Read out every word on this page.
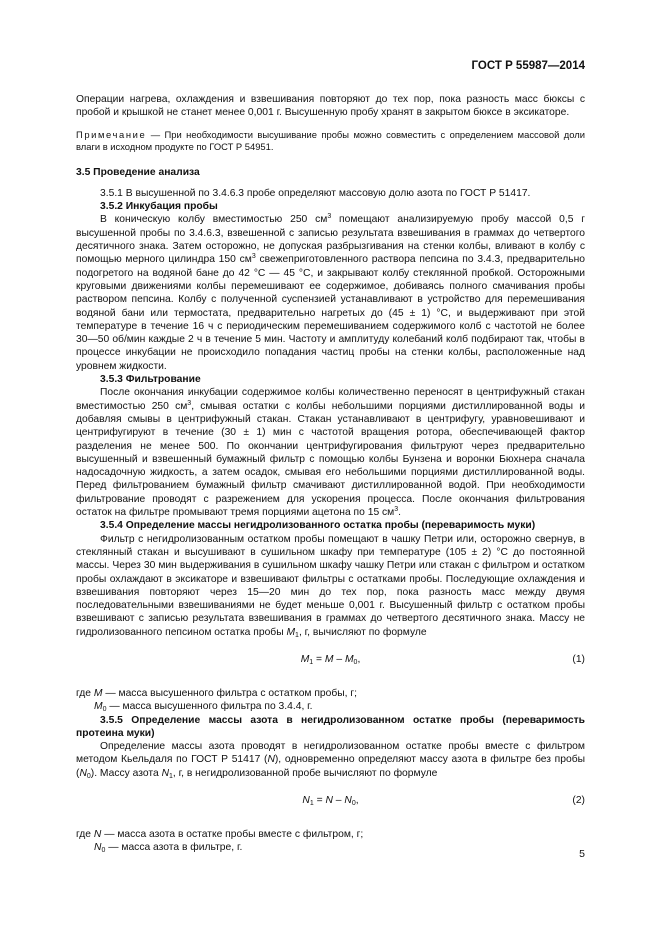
ГОСТ Р 55987—2014

Операции нагрева, охлаждения и взвешивания повторяют до тех пор, пока разность масс бюксы с пробой и крышкой не станет менее 0,001 г. Высушенную пробу хранят в закрытом бюксе в эксикаторе.

Примечание — При необходимости высушивание пробы можно совместить с определением массовой доли влаги в исходном продукте по ГОСТ Р 54951.

3.5 Проведение анализа

3.5.1 В высушенной по 3.4.6.3 пробе определяют массовую долю азота по ГОСТ Р 51417.

3.5.2 Инкубация пробы

В коническую колбу вместимостью 250 $см^3$ помещают анализируемую пробу массой 0,5 г высушенной пробы по 3.4.6.3, взвешенной с записью результата взвешивания в граммах до четвертого десятичного знака. Затем осторожно, не допуская разбрызгивания на стенки колбы, вливают в колбу с помощью мерного цилиндра 150 $см^3$ свежеприготовленного раствора пепсина по 3.4.3, предварительно подогретого на водяной бане до 42 °С — 45 °С, и закрывают колбу стеклянной пробкой. Осторожными круговыми движениями колбы перемешивают ее содержимое, добиваясь полного смачивания пробы раствором пепсина. Колбу с полученной суспензией устанавливают в устройство для перемешивания водяной бани или термостата, предварительно нагретых до (45 ± 1) °С, и выдерживают при этой температуре в течение 16 ч с периодическим перемешиванием содержимого колб с частотой не более 30—50 об/мин каждые 2 ч в течение 5 мин. Частоту и амплитуду колебаний колб подбирают так, чтобы в процессе инкубации не происходило попадания частиц пробы на стенки колбы, расположенные над уровнем жидкости.

3.5.3 Фильтрование

После окончания инкубации содержимое колбы количественно переносят в центрифужный стакан вместимостью 250 $см^3$, смывая остатки с колбы небольшими порциями дистиллированной воды и добавляя смывы в центрифужный стакан. Стакан устанавливают в центрифугу, уравновешивают и центрифугируют в течение (30 ± 1) мин с частотой вращения ротора, обеспечивающей фактор разделения не менее 500. По окончании центрифугирования фильтруют через предварительно высушенный и взвешенный бумажный фильтр с помощью колбы Бунзена и воронки Бюхнера сначала надосадочную жидкость, а затем осадок, смывая его небольшими порциями дистиллированной воды. Перед фильтрованием бумажный фильтр смачивают дистиллированной водой. При необходимости фильтрование проводят с разрежением для ускорения процесса. После окончания фильтрования остаток на фильтре промывают тремя порциями ацетона по 15 $см^3$.

3.5.4 Определение массы негидролизованного остатка пробы (переваримость муки)

Фильтр с негидролизованным остатком пробы помещают в чашку Петри или, осторожно свернув, в стеклянный стакан и высушивают в сушильном шкафу при температуре (105 ± 2) °С до постоянной массы. Через 30 мин выдерживания в сушильном шкафу чашку Петри или стакан с фильтром и остатком пробы охлаждают в эксикаторе и взвешивают фильтры с остатками пробы. Последующие охлаждения и взвешивания повторяют через 15—20 мин до тех пор, пока разность масс между двумя последовательными взвешиваниями не будет меньше 0,001 г. Высушенный фильтр с остатком пробы взвешивают с записью результата взвешивания в граммах до четвертого десятичного знака. Массу не гидролизованного пепсином остатка пробы $M_1$, г, вычисляют по формуле

$M_1 = M - M_0$,	(1)

где M — масса высушенного фильтра с остатком пробы, г;

$M_0$ — масса высушенного фильтра по 3.4.4, г.

3.5.5 Определение массы азота в негидролизованном остатке пробы (переваримость протеина муки)

Определение массы азота проводят в негидролизованном остатке пробы вместе с фильтром методом Кьельдаля по ГОСТ Р 51417 (N), одновременно определяют массу азота в фильтре без пробы $(N_0)$. Массу азота $N_1$, г, в негидролизованной пробе вычисляют по формуле

$N_1 = N - N_0$,	(2)

где N — масса азота в остатке пробы вместе с фильтром, г;

$N_0$ — масса азота в фильтре, г.

5
